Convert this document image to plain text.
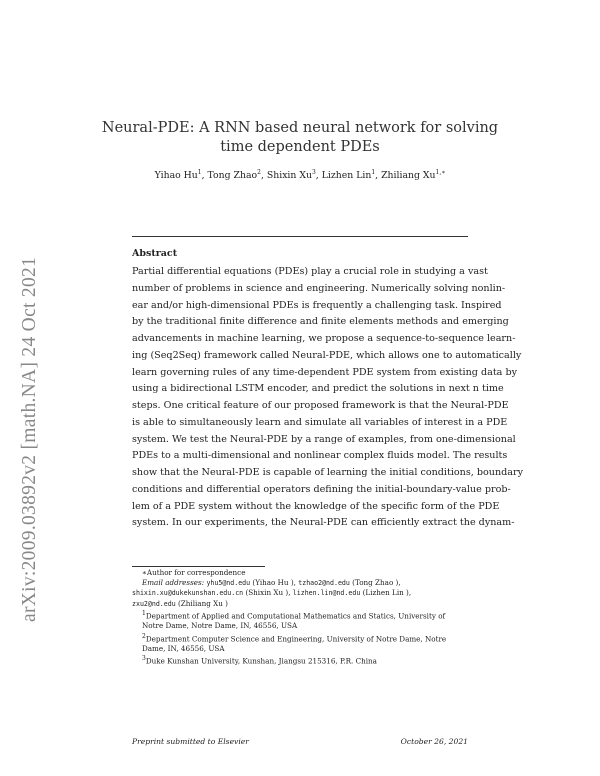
arXiv:2009.03892v2 [math.NA] 24 Oct 2021
Neural-PDE: A RNN based neural network for solving
time dependent PDEs
Yihao Hu$^1$, Tong Zhao$^2$, Shixin Xu$^3$, Lizhen Lin$^1$, Zhiliang $Xu^{1,∗}$
Abstract
Partial differential equations (PDEs) play a crucial role in studying a vast
number of problems in science and engineering. Numerically solving nonlin-
ear and/or high-dimensional PDEs is frequently a challenging task. Inspired
by the traditional finite difference and finite elements methods and emerging
advancements in machine learning, we propose a sequence-to-sequence learn-
ing (Seq2Seq) framework called Neural-PDE, which allows one to automatically
learn governing rules of any time-dependent PDE system from existing data by
using a bidirectional LSTM encoder, and predict the solutions in next n time
steps. One critical feature of our proposed framework is that the Neural-PDE
is able to simultaneously learn and simulate all variables of interest in a PDE
system. We test the Neural-PDE by a range of examples, from one-dimensional
PDEs to a multi-dimensional and nonlinear complex fluids model. The results
show that the Neural-PDE is capable of learning the initial conditions, boundary
conditions and differential operators defining the initial-boundary-value prob-
lem of a PDE system without the knowledge of the specific form of the PDE
system. In our experiments, the Neural-PDE can efficiently extract the dynam-
∗Author for correspondence
Email addresses: yhu5@nd.edu (Yihao Hu ), tzhao2@nd.edu (Tong Zhao ),
shixin.xu@dukekunshan.edu.cn (Shixin Xu ), lizhen.lin@nd.edu (Lizhen Lin ),
zxu2@nd.edu (Zhiliang Xu )
$^1$Department of Applied and Computational Mathematics and Statics, University of Notre Dame, Notre Dame, IN, 46556, USA
$^2$Department Computer Science and Engineering, University of Notre Dame, Notre Dame, IN, 46556, USA
$^3$Duke Kunshan University, Kunshan, Jiangsu 215316, P.R. China
Preprint submitted to Elsevier	October 26, 2021
